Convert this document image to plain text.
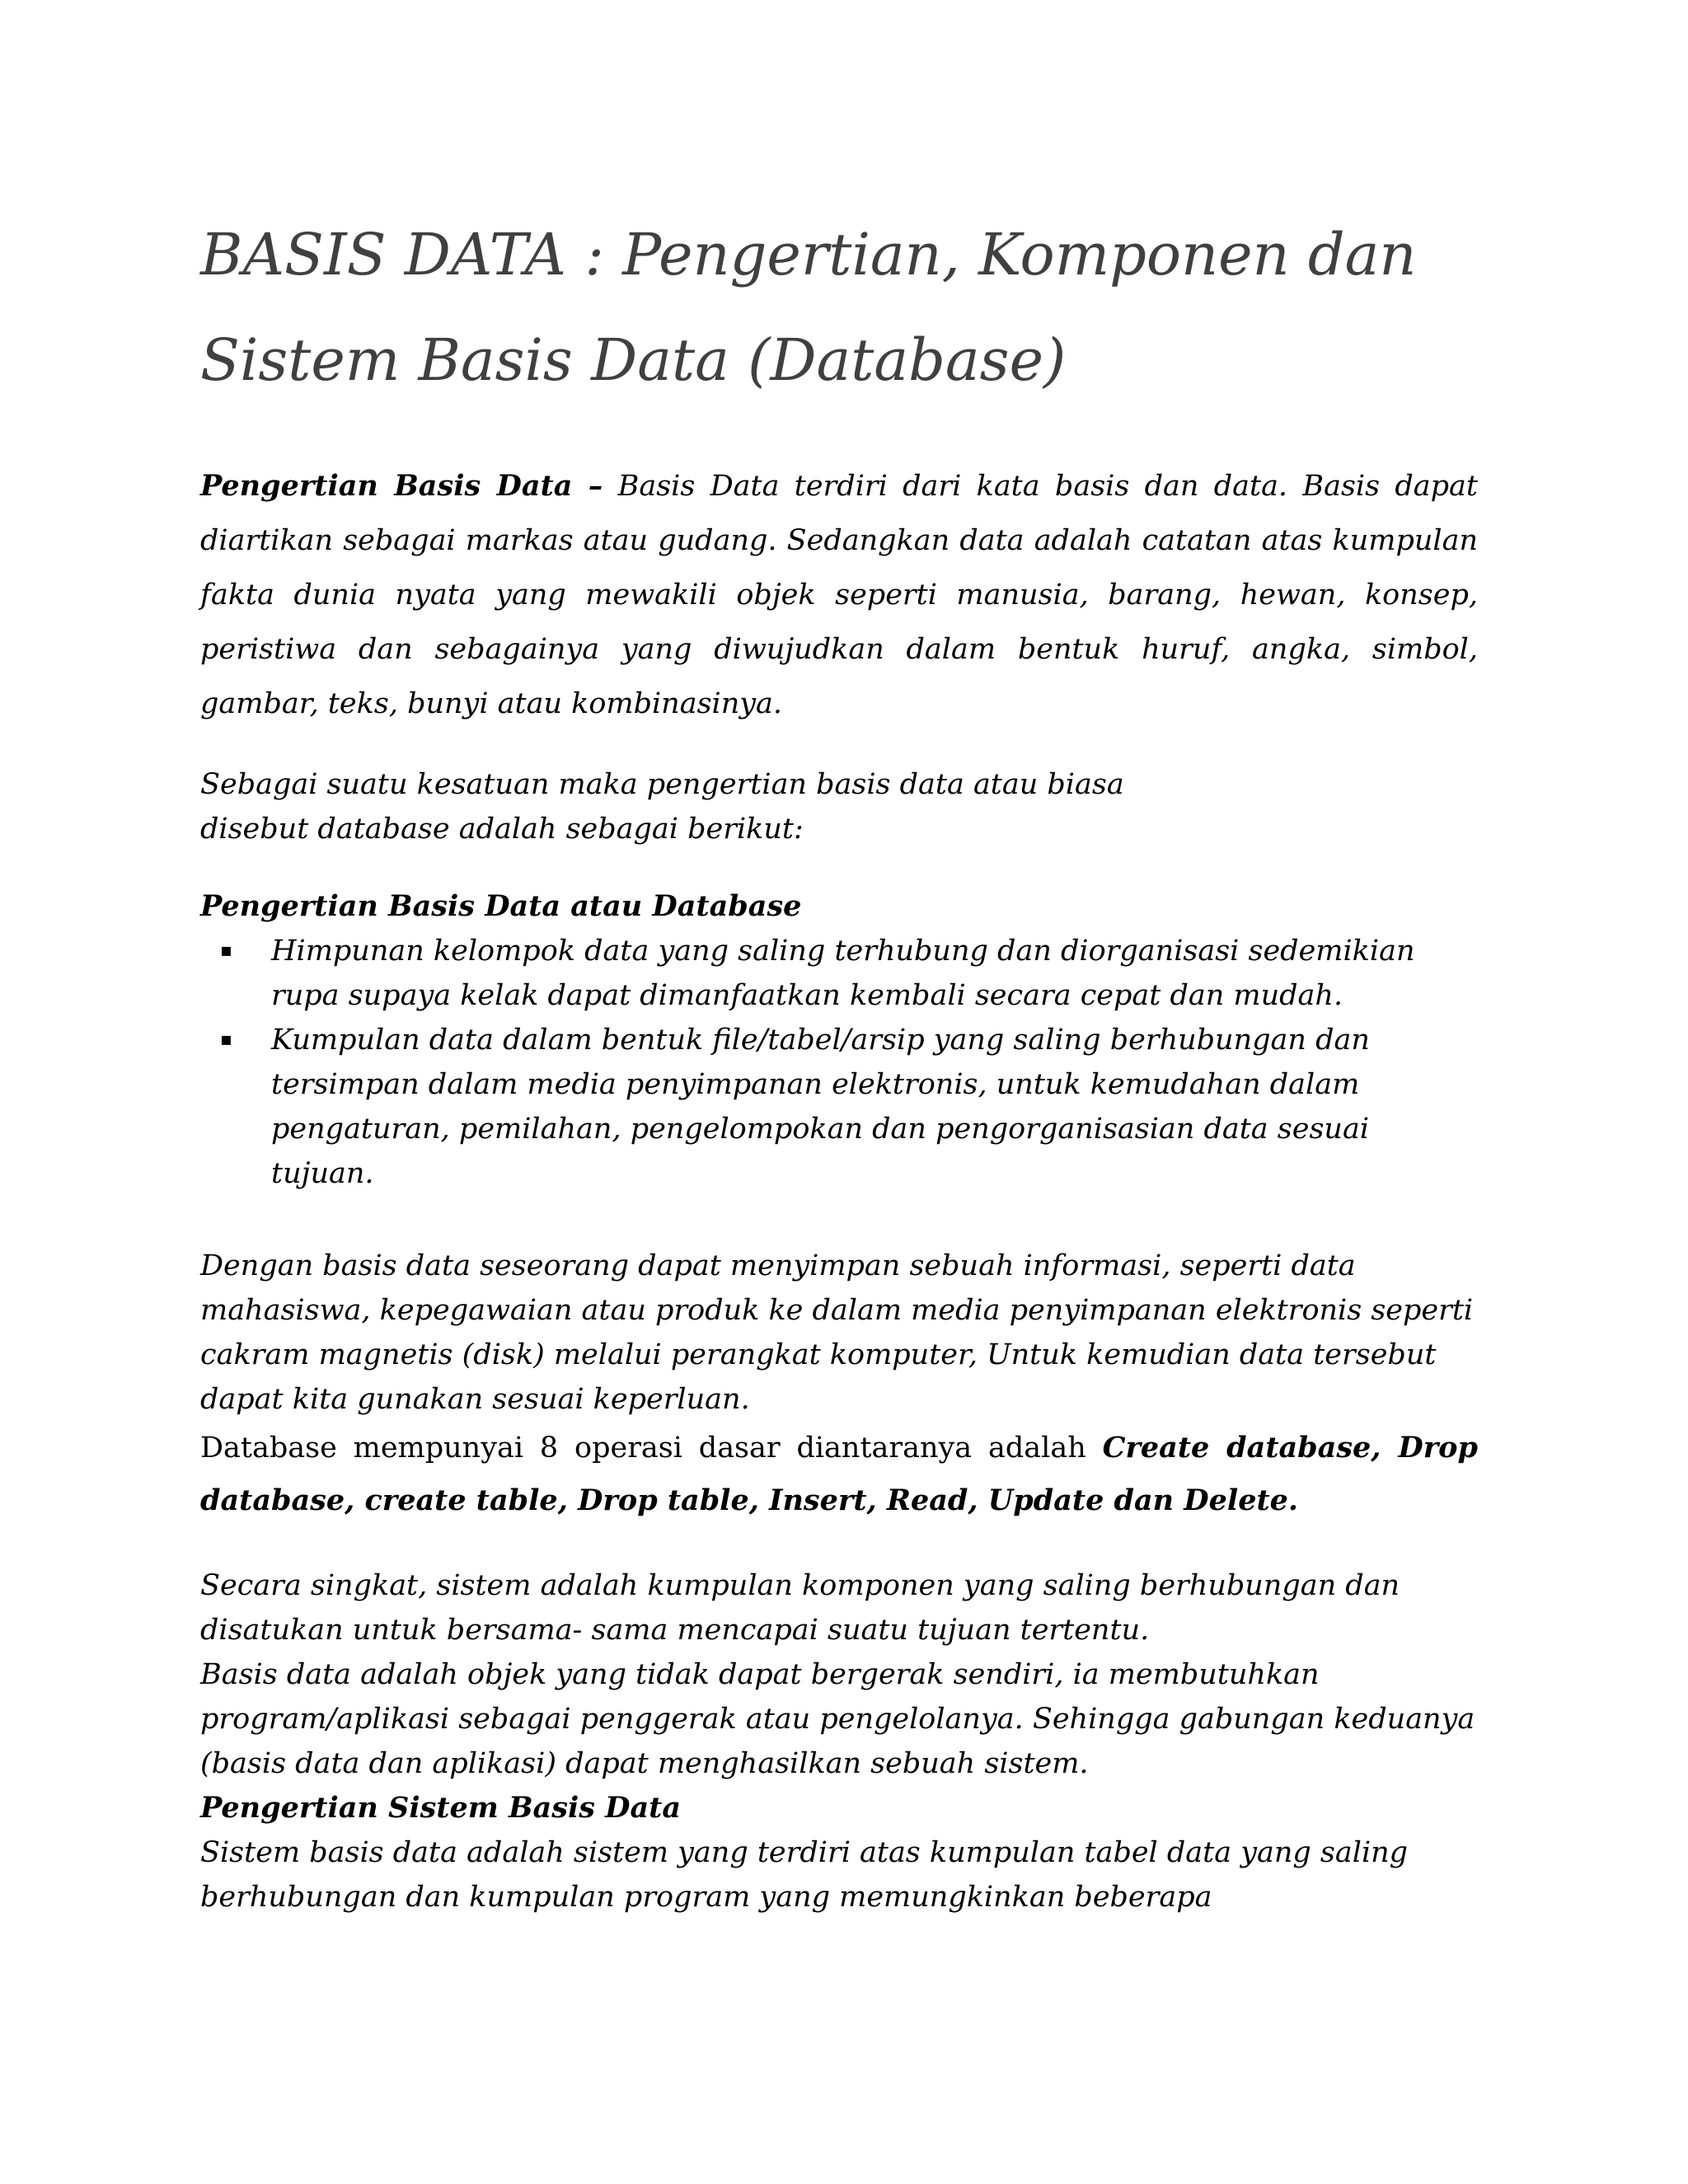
BASIS DATA : Pengertian, Komponen dan Sistem Basis Data (Database)

Pengertian Basis Data – Basis Data terdiri dari kata basis dan data. Basis dapat diartikan sebagai markas atau gudang. Sedangkan data adalah catatan atas kumpulan fakta dunia nyata yang mewakili objek seperti manusia, barang, hewan, konsep, peristiwa dan sebagainya yang diwujudkan dalam bentuk huruf, angka, simbol, gambar, teks, bunyi atau kombinasinya.

Sebagai suatu kesatuan maka pengertian basis data atau biasa
disebut database adalah sebagai berikut:

Pengertian Basis Data atau Database
▪ Himpunan kelompok data yang saling terhubung dan diorganisasi sedemikian rupa supaya kelak dapat dimanfaatkan kembali secara cepat dan mudah.
▪ Kumpulan data dalam bentuk file/tabel/arsip yang saling berhubungan dan tersimpan dalam media penyimpanan elektronis, untuk kemudahan dalam pengaturan, pemilahan, pengelompokan dan pengorganisasian data sesuai tujuan.

Dengan basis data seseorang dapat menyimpan sebuah informasi, seperti data mahasiswa, kepegawaian atau produk ke dalam media penyimpanan elektronis seperti cakram magnetis (disk) melalui perangkat komputer, Untuk kemudian data tersebut dapat kita gunakan sesuai keperluan.

Database mempunyai 8 operasi dasar diantaranya adalah Create database, Drop database, create table, Drop table, Insert, Read, Update dan Delete.

Secara singkat, sistem adalah kumpulan komponen yang saling berhubungan dan disatukan untuk bersama- sama mencapai suatu tujuan tertentu.
Basis data adalah objek yang tidak dapat bergerak sendiri, ia membutuhkan program/aplikasi sebagai penggerak atau pengelolanya. Sehingga gabungan keduanya (basis data dan aplikasi) dapat menghasilkan sebuah sistem.

Pengertian Sistem Basis Data

Sistem basis data adalah sistem yang terdiri atas kumpulan tabel data yang saling berhubungan dan kumpulan program yang memungkinkan beberapa
